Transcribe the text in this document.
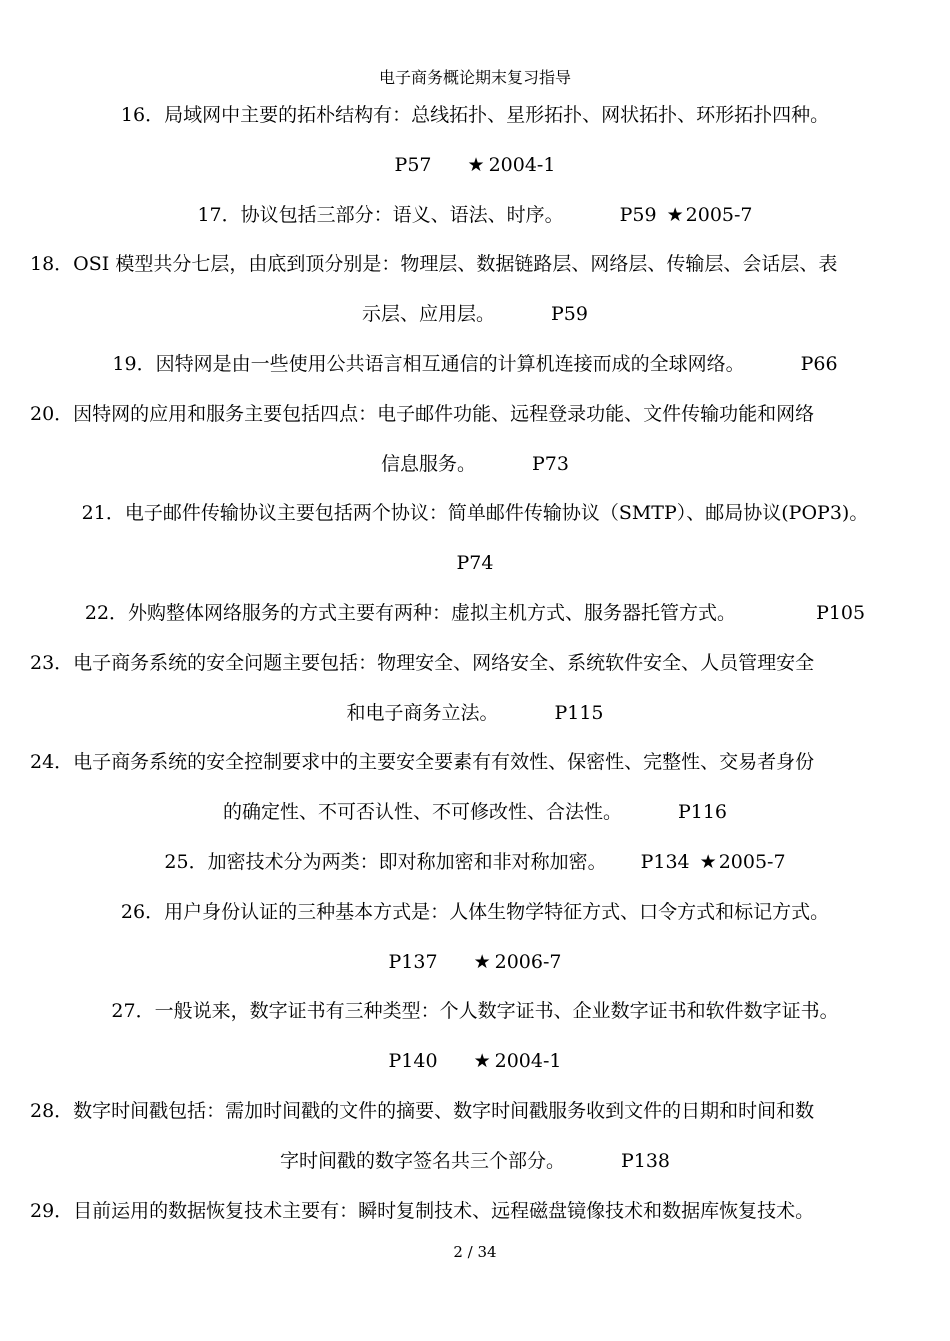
电子商务概论期末复习指导
16．局域网中主要的拓朴结构有：总线拓扑、星形拓扑、网状拓扑、环形拓扑四种。
P57 ★ 2004-1
17．协议包括三部分：语义、语法、时序。	P59 ★ 2005-7
18．OSI 模型共分七层，由底到顶分别是：物理层、数据链路层、网络层、传输层、会话层、表
示层、应用层。	P59
19．因特网是由一些使用公共语言相互通信的计算机连接而成的全球网络。	P66
20．因特网的应用和服务主要包括四点：电子邮件功能、远程登录功能、文件传输功能和网络
信息服务。	P73
21．电子邮件传输协议主要包括两个协议：简单邮件传输协议（SMTP）、邮局协议(POP3)。
P74
22．外购整体网络服务的方式主要有两种：虚拟主机方式、服务器托管方式。	P105
23．电子商务系统的安全问题主要包括：物理安全、网络安全、系统软件安全、人员管理安全
和电子商务立法。	P115
24．电子商务系统的安全控制要求中的主要安全要素有有效性、保密性、完整性、交易者身份
的确定性、不可否认性、不可修改性、合法性。	P116
25．加密技术分为两类：即对称加密和非对称加密。 P134 ★ 2005-7
26．用户身份认证的三种基本方式是：人体生物学特征方式、口令方式和标记方式。
P137 ★ 2006-7
27．一般说来，数字证书有三种类型：个人数字证书、企业数字证书和软件数字证书。
P140 ★ 2004-1
28．数字时间戳包括：需加时间戳的文件的摘要、数字时间戳服务收到文件的日期和时间和数
字时间戳的数字签名共三个部分。	P138
29．目前运用的数据恢复技术主要有：瞬时复制技术、远程磁盘镜像技术和数据库恢复技术。
2 / 34
